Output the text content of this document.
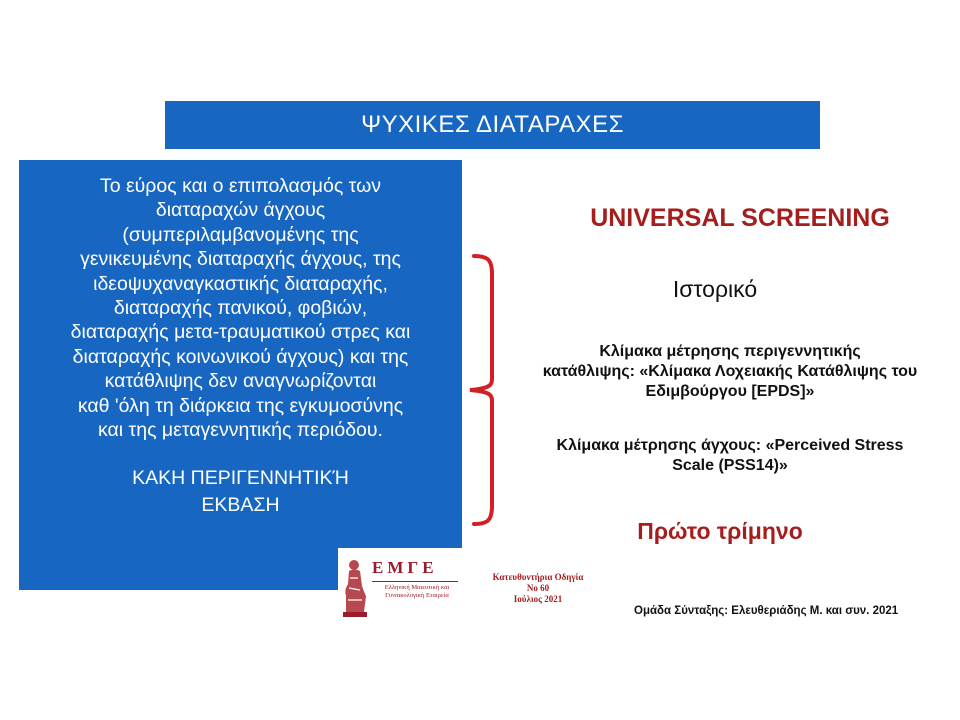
ΨΥΧΙΚΕΣ ΔΙΑΤΑΡΑΧΕΣ
Το εύρος και ο επιπολασμός των
διαταραχών άγχους
(συμπεριλαμβανομένης της
γενικευμένης διαταραχής άγχους, της
ιδεοψυχαναγκαστικής διαταραχής,
διαταραχής πανικού, φοβιών,
διαταραχής μετα-τραυματικού στρες και
διαταραχής κοινωνικού άγχους) και της
κατάθλιψης δεν αναγνωρίζονται
καθ 'όλη τη διάρκεια της εγκυμοσύνης
και της μεταγεννητικής περιόδου.
ΚΑΚΗ ΠΕΡΙΓΕΝΝΗΤΙΚΉ
ΕΚΒΑΣΗ
UNIVERSAL SCREENING
Ιστορικό
Κλίμακα μέτρησης περιγεννητικής
κατάθλιψης: «Κλίμακα Λοχειακής Κατάθλιψης του
Εδιμβούργου [EPDS]»
Κλίμακα μέτρησης άγχους: «Perceived Stress
Scale (PSS14)»
Πρώτο τρίμηνο
ΕΜΓΕ
Ελληνική Μαιευτική και
Γυναικολογική Εταιρεία
Κατευθυντήρια Οδηγία
Νο 60
Ιούλιος 2021
Ομάδα Σύνταξης: Ελευθεριάδης Μ. και συν. 2021
